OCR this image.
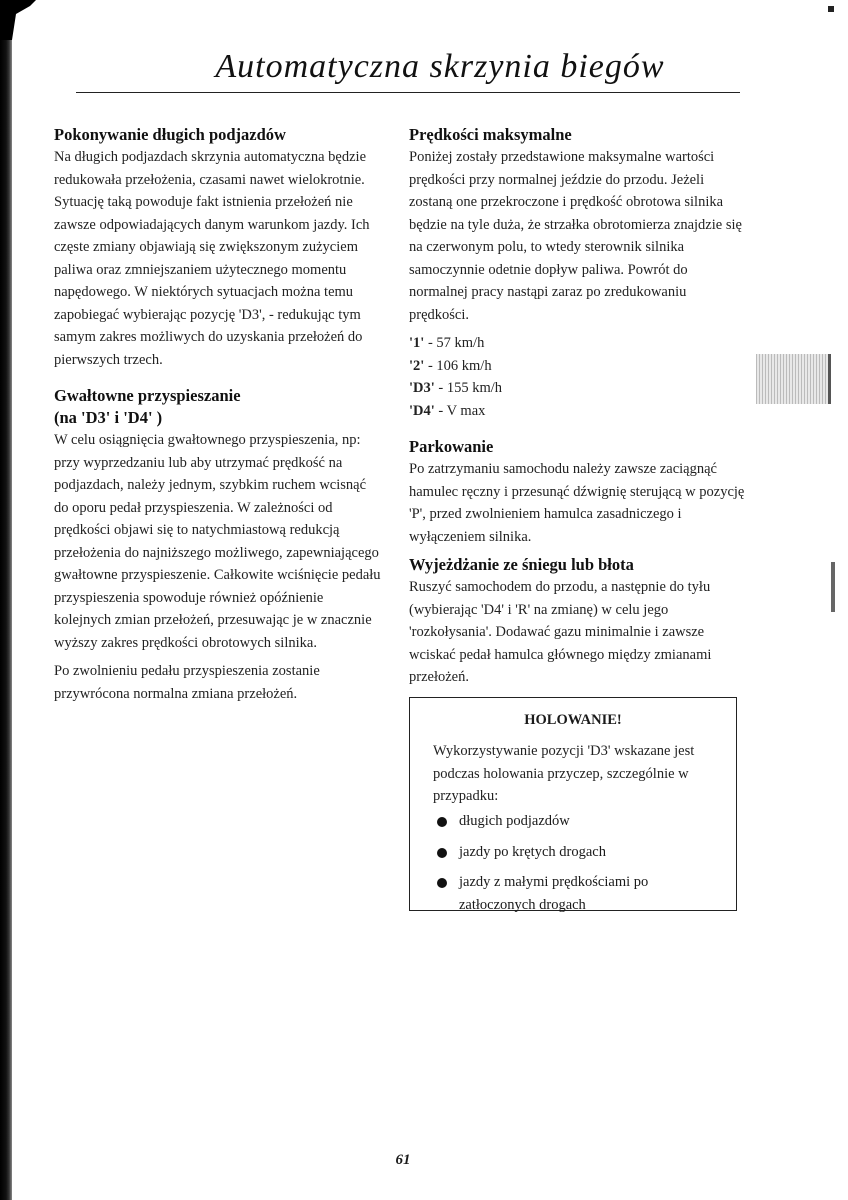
Automatyczna skrzynia biegów
Pokonywanie długich podjazdów

Na długich podjazdach skrzynia automatyczna będzie redukowała przełożenia, czasami nawet wielokrotnie. Sytuację taką powoduje fakt istnienia przełożeń nie zawsze odpowiadających danym warunkom jazdy. Ich częste zmiany objawiają się zwiększonym zużyciem paliwa oraz zmniejszaniem użytecznego momentu napędowego. W niektórych sytuacjach można temu zapobiegać wybierając pozycję 'D3', - redukując tym samym zakres możliwych do uzyskania przełożeń do pierwszych trzech.

Gwałtowne przyspieszanie
(na 'D3' i 'D4' )

W celu osiągnięcia gwałtownego przyspieszenia, np: przy wyprzedzaniu lub aby utrzymać prędkość na podjazdach, należy jednym, szybkim ruchem wcisnąć do oporu pedał przyspieszenia. W zależności od prędkości objawi się to natychmiastową redukcją przełożenia do najniższego możliwego, zapewniającego gwałtowne przyspieszenie. Całkowite wciśnięcie pedału przyspieszenia spowoduje również opóźnienie kolejnych zmian przełożeń, przesuwając je w znacznie wyższy zakres prędkości obrotowych silnika.

Po zwolnieniu pedału przyspieszenia zostanie przywrócona normalna zmiana przełożeń.

Prędkości maksymalne

Poniżej zostały przedstawione maksymalne wartości prędkości przy normalnej jeździe do przodu. Jeżeli zostaną one przekroczone i prędkość obrotowa silnika będzie na tyle duża, że strzałka obrotomierza znajdzie się na czerwonym polu, to wtedy sterownik silnika samoczynnie odetnie dopływ paliwa. Powrót do normalnej pracy nastąpi zaraz po zredukowaniu prędkości.

'1' - 57 km/h

'2' - 106 km/h

'D3' - 155 km/h

'D4' - V max

Parkowanie

Po zatrzymaniu samochodu należy zawsze zaciągnąć hamulec ręczny i przesunąć dźwignię sterującą w pozycję 'P', przed zwolnieniem hamulca zasadniczego i wyłączeniem silnika.

Wyjeżdżanie ze śniegu lub błota

Ruszyć samochodem do przodu, a następnie do tyłu (wybierając 'D4' i 'R' na zmianę) w celu jego 'rozkołysania'. Dodawać gazu minimalnie i zawsze wciskać pedał hamulca głównego między zmianami przełożeń.

HOLOWANIE!

Wykorzystywanie pozycji 'D3' wskazane jest podczas holowania przyczep, szczególnie w przypadku:

długich podjazdów
jazdy po krętych drogach
jazdy z małymi prędkościami po zatłoczonych drogach
61
